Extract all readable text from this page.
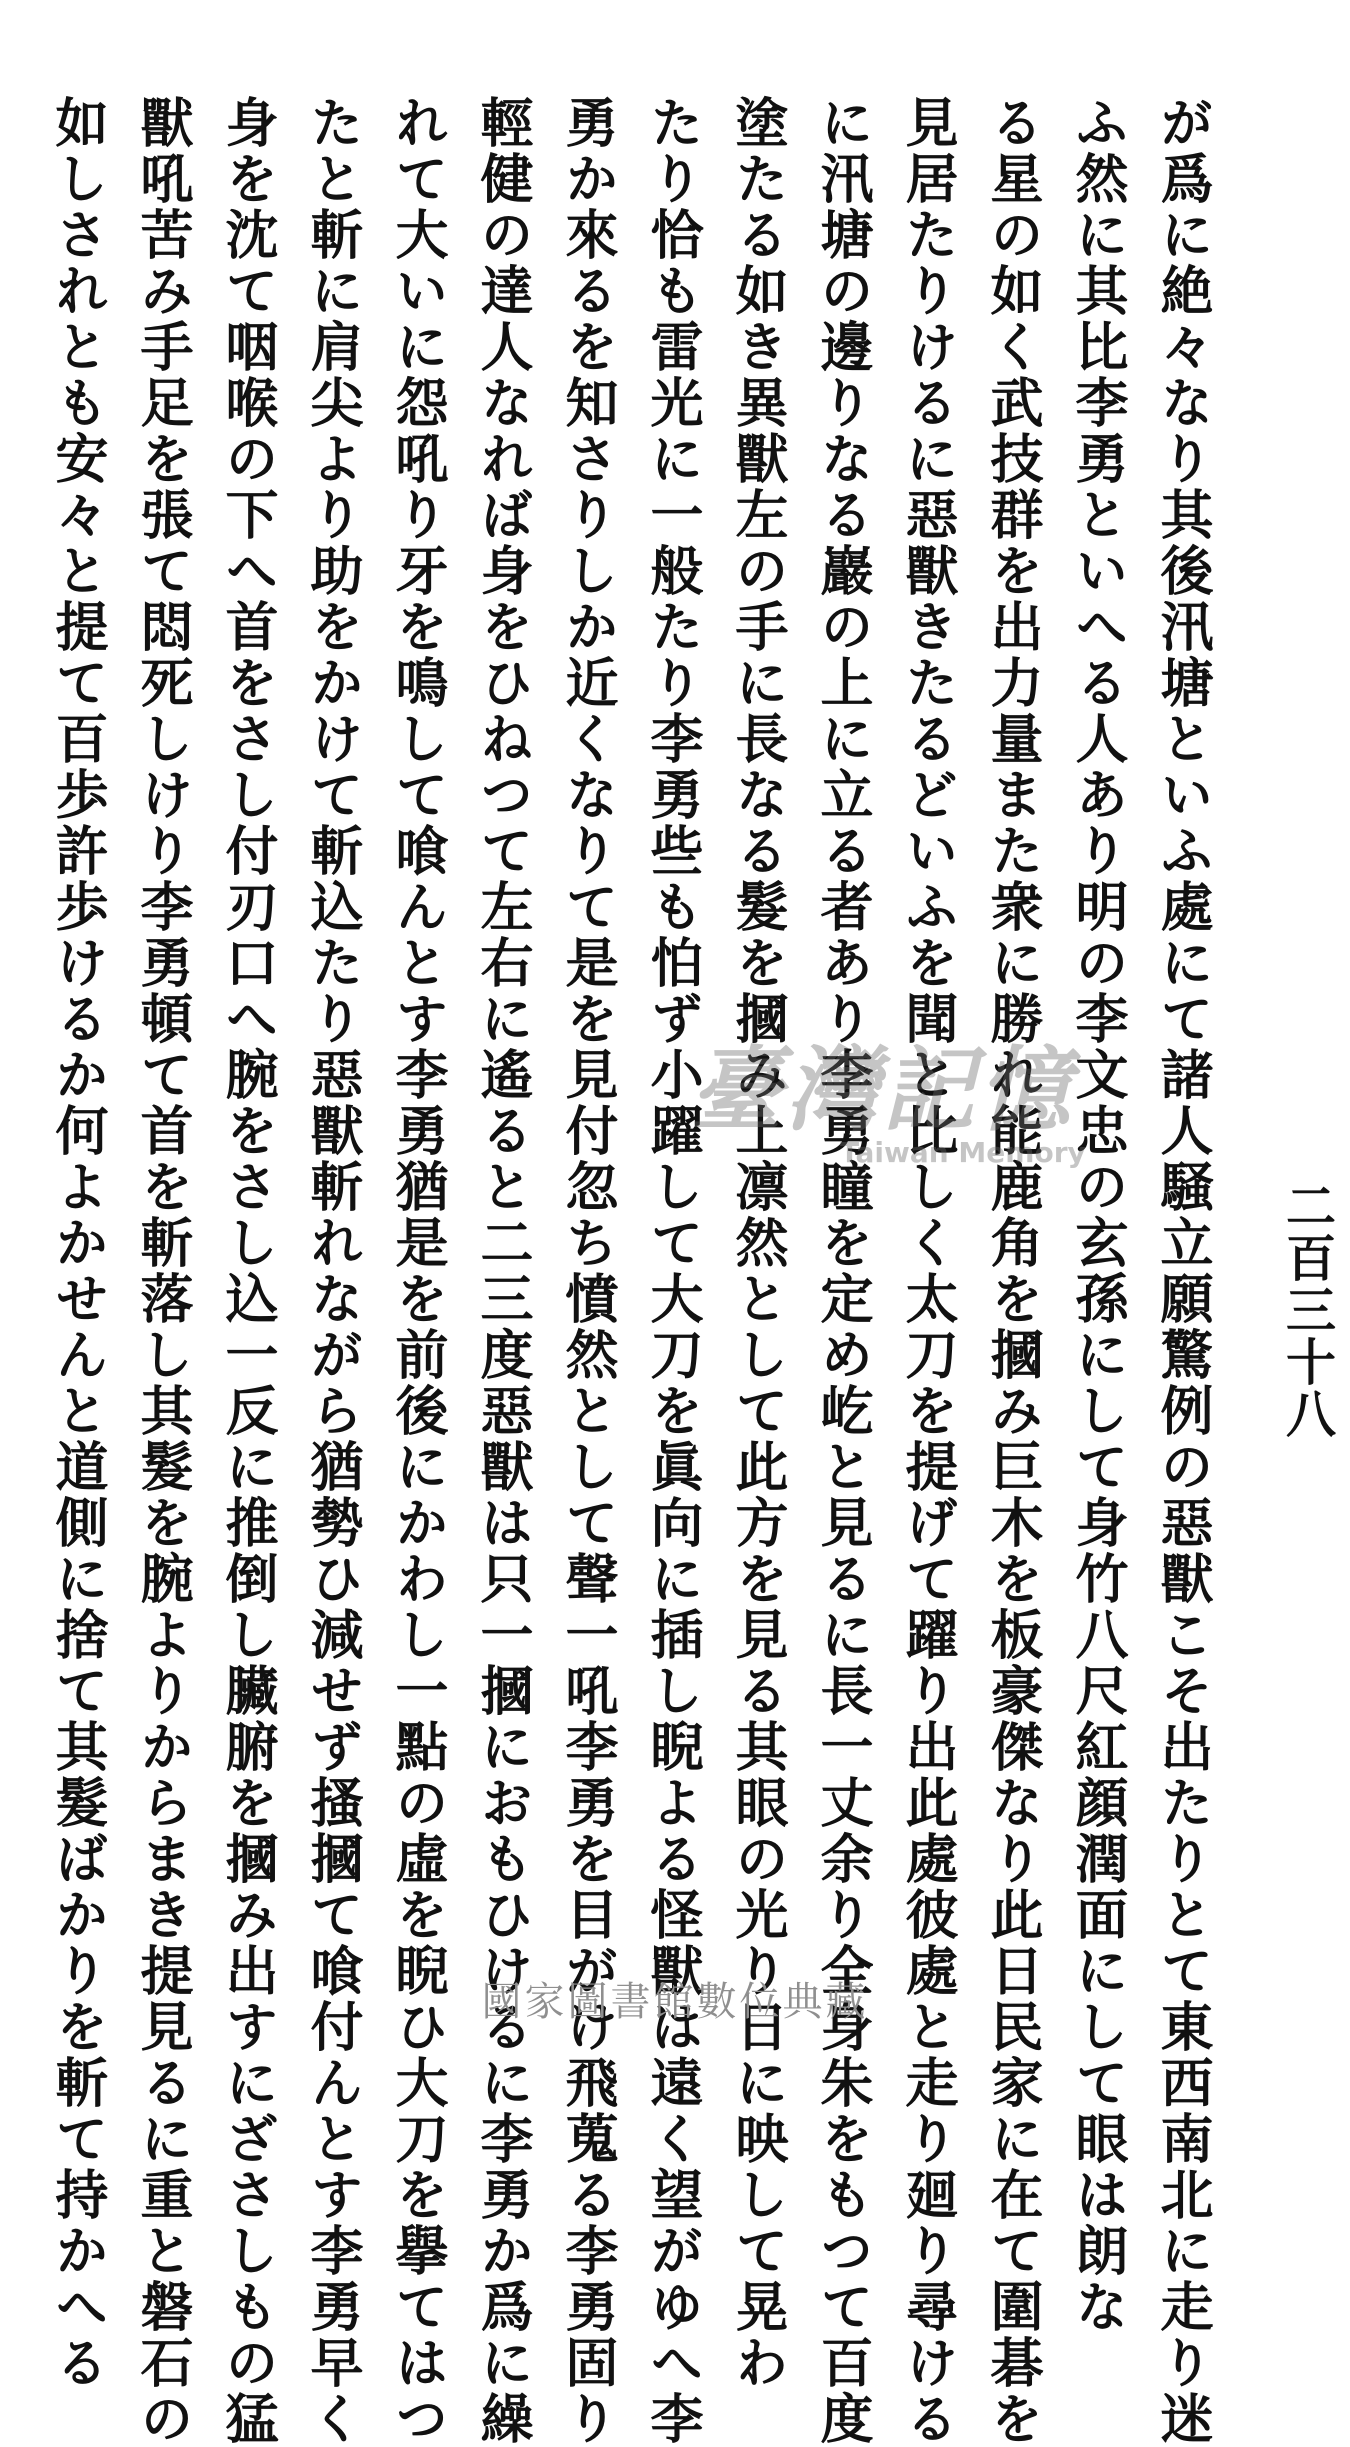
二百三十八
が爲に絶々なり其後汛塘といふ處にて諸人騒立願驚例の惡獸こそ出たりとて東西南北に走り迷
ふ然に其比李勇といへる人あり明の李文忠の玄孫にして身竹八尺紅顔潤面にして眼は朗な
る星の如く武技群を出力量また衆に勝れ能鹿角を摑み巨木を板豪傑なり此日民家に在て圍碁を
見居たりけるに惡獸きたるどいふを聞と比しく太刀を提げて躍り出此處彼處と走り廻り尋ける
に汛塘の邊りなる巖の上に立る者あり李勇瞳を定め屹と見るに長一丈余り全身朱をもつて百度
塗たる如き異獸左の手に長なる髮を摑み上凛然として此方を見る其眼の光り日に映して晃わ
たり恰も雷光に一般たり李勇些も怕ず小躍して大刀を眞向に插し睨よる怪獸は遠く望がゆへ李
勇か來るを知さりしか近くなりて是を見付忽ち憤然として聲一吼李勇を目がけ飛蒐る李勇固り
輕健の達人なれば身をひねつて左右に遙ると二三度惡獸は只一摑におもひけるに李勇か爲に繰
れて大いに怨吼り牙を鳴して喰んとす李勇猶是を前後にかわし一點の虛を睨ひ大刀を擧てはつ
たと斬に肩尖より助をかけて斬込たり惡獸斬れながら猶勢ひ減せず搔摑て喰付んとす李勇早く
身を沈て咽喉の下へ首をさし付刃口へ腕をさし込一反に推倒し臟腑を摑み出すにざさしもの猛
獸吼苦み手足を張て悶死しけり李勇頓て首を斬落し其髮を腕よりからまき提見るに重と磐石の
如しされとも安々と提て百歩許歩けるか何よかせんと道側に捨て其髮ばかりを斬て持かへる	臺灣記憶
Taiwan Memory
國家圖書館數位典藏
